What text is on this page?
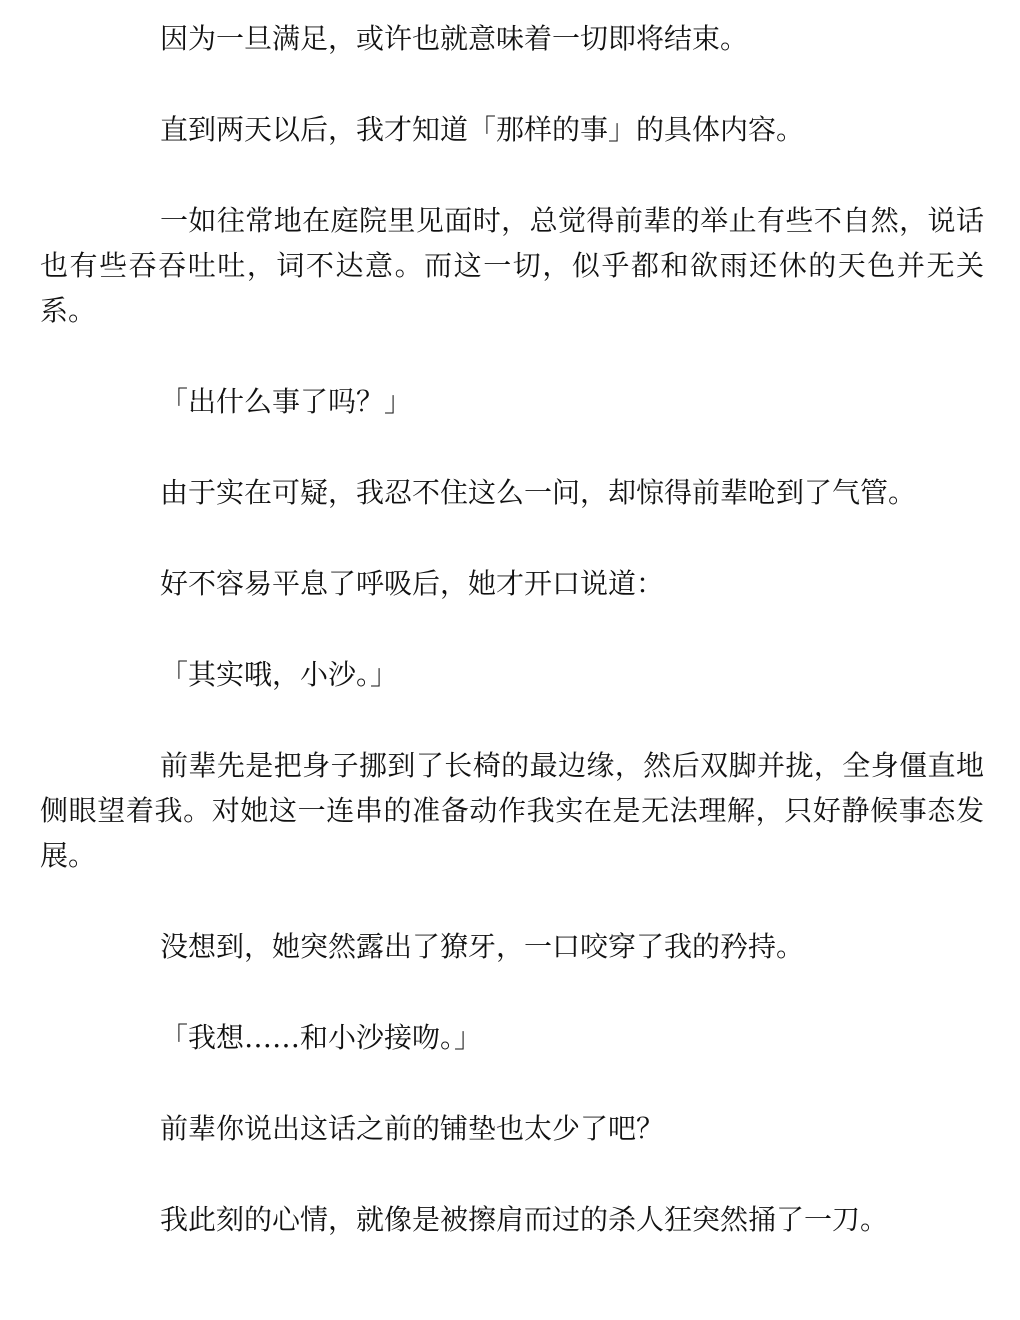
因为一旦满足，或许也就意味着一切即将结束。

直到两天以后，我才知道「那样的事」的具体内容。

一如往常地在庭院里见面时，总觉得前辈的举止有些不自然，说话也有些吞吞吐吐，词不达意。而这一切，似乎都和欲雨还休的天色并无关系。

「出什么事了吗？」

由于实在可疑，我忍不住这么一问，却惊得前辈呛到了气管。

好不容易平息了呼吸后，她才开口说道：

「其实哦，小沙。」

前辈先是把身子挪到了长椅的最边缘，然后双脚并拢，全身僵直地侧眼望着我。对她这一连串的准备动作我实在是无法理解，只好静候事态发展。

没想到，她突然露出了獠牙，一口咬穿了我的矜持。

「我想……和小沙接吻。」

前辈你说出这话之前的铺垫也太少了吧？

我此刻的心情，就像是被擦肩而过的杀人狂突然捅了一刀。
